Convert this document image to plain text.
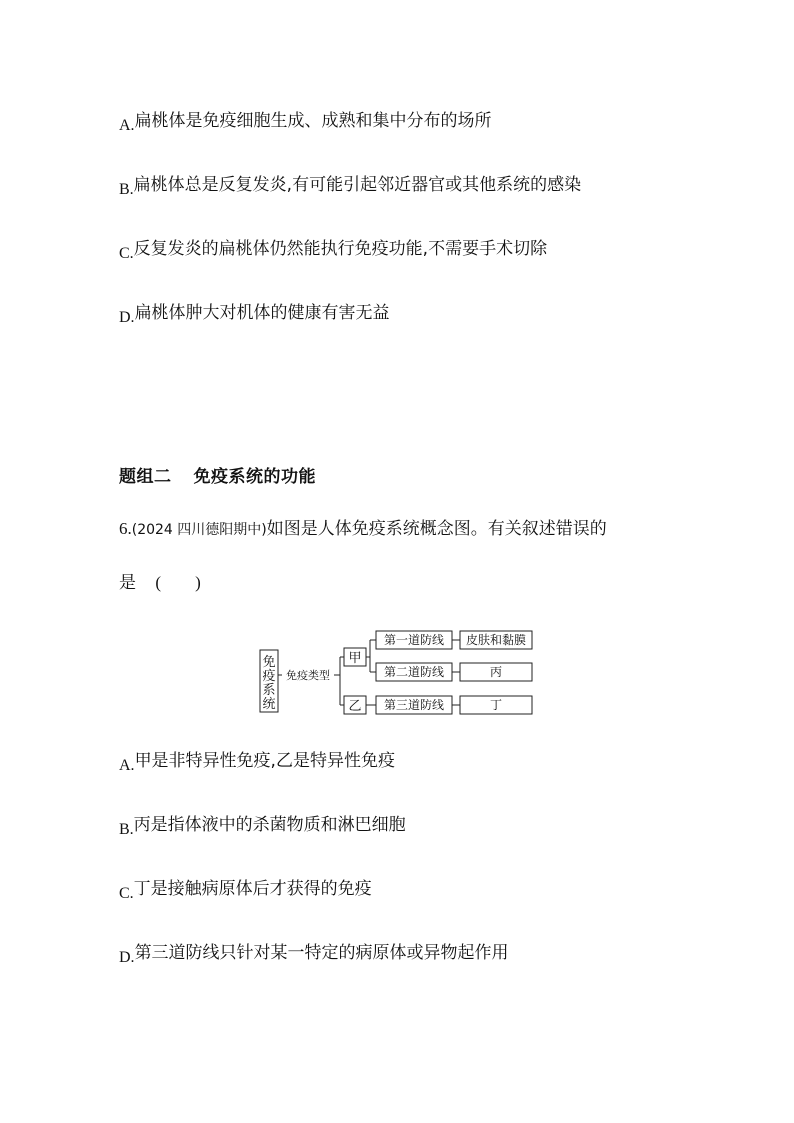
A.扁桃体是免疫细胞生成、成熟和集中分布的场所
B.扁桃体总是反复发炎,有可能引起邻近器官或其他系统的感染
C.反复发炎的扁桃体仍然能执行免疫功能,不需要手术切除
D.扁桃体肿大对机体的健康有害无益
题组二 免疫系统的功能
6.(2024 四川德阳期中)如图是人体免疫系统概念图。有关叙述错误的
是 (　　)
免
疫
系
统
免疫类型
甲
乙
第一道防线
第二道防线
第三道防线
皮肤和黏膜
丙
丁
A.甲是非特异性免疫,乙是特异性免疫
B.丙是指体液中的杀菌物质和淋巴细胞
C.丁是接触病原体后才获得的免疫
D.第三道防线只针对某一特定的病原体或异物起作用
